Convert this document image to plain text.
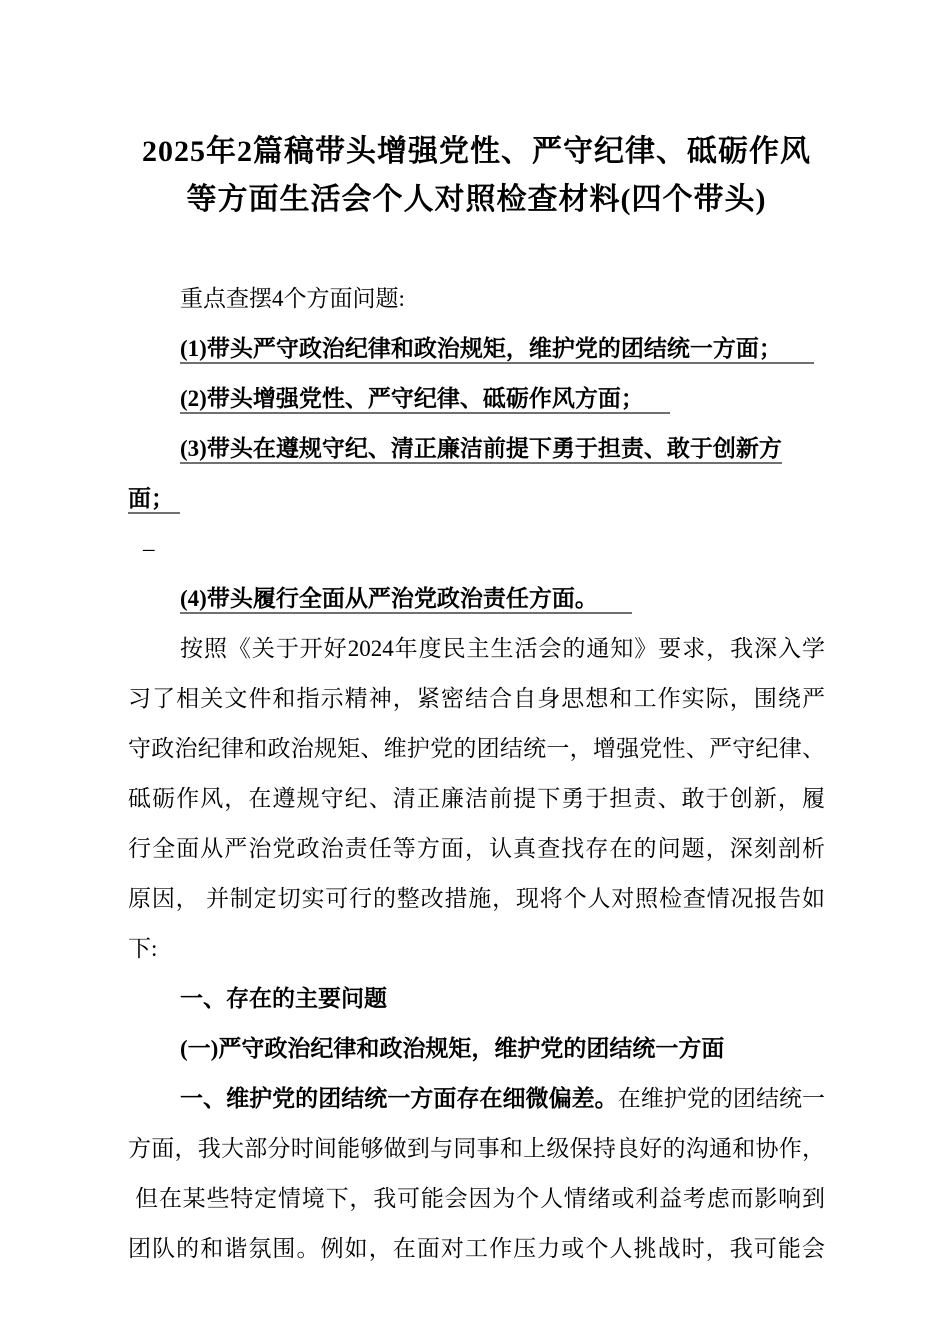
2025年2篇稿带头增强党性、严守纪律、砥砺作风
等方面生活会个人对照检查材料(四个带头)
重点查摆4个方面问题:
(1)带头严守政治纪律和政治规矩，维护党的团结统一方面；
(2)带头增强党性、严守纪律、砥砺作风方面；
(3)带头在遵规守纪、清正廉洁前提下勇于担责、敢于创新方面；
–
(4)带头履行全面从严治党政治责任方面。
按照《关于开好2024年度民主生活会的通知》要求，我深入学
习了相关文件和指示精神，紧密结合自身思想和工作实际，围绕严
守政治纪律和政治规矩、维护党的团结统一，增强党性、严守纪律、
砥砺作风，在遵规守纪、清正廉洁前提下勇于担责、敢于创新，履
行全面从严治党政治责任等方面，认真查找存在的问题，深刻剖析
原因， 并制定切实可行的整改措施，现将个人对照检查情况报告如
下:
一、存在的主要问题
(一)严守政治纪律和政治规矩，维护党的团结统一方面
一、维护党的团结统一方面存在细微偏差。在维护党的团结统一
方面，我大部分时间能够做到与同事和上级保持良好的沟通和协作，
但在某些特定情境下，我可能会因为个人情绪或利益考虑而影响到
团队的和谐氛围。例如，在面对工作压力或个人挑战时，我可能会
